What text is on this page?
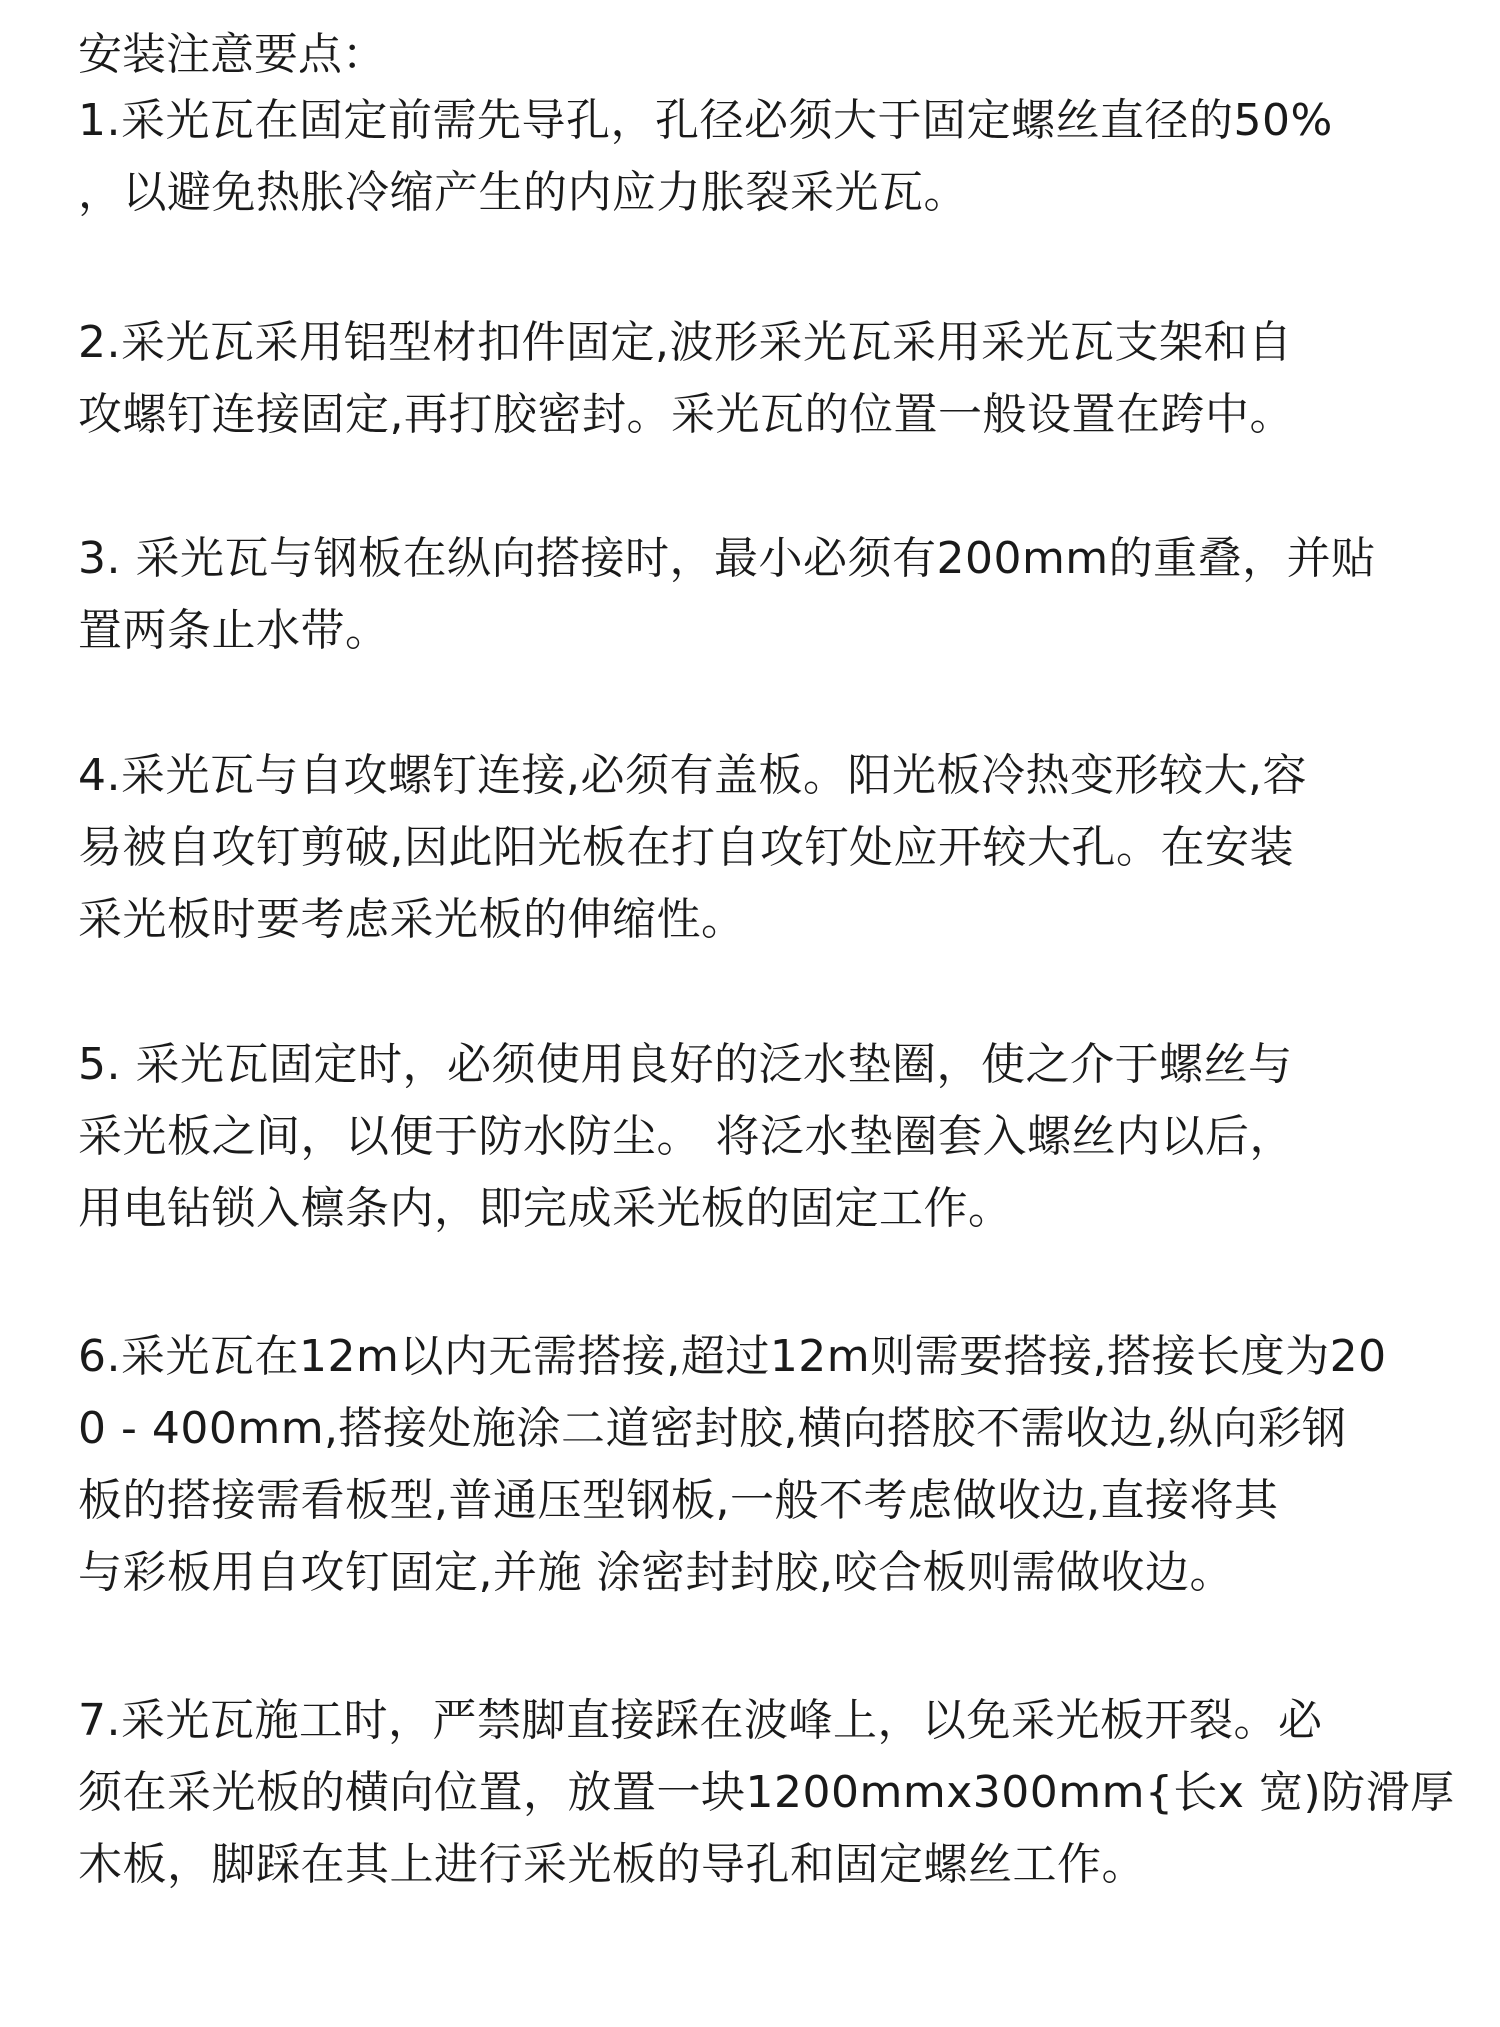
安装注意要点：
1.采光瓦在固定前需先导孔，孔径必须大于固定螺丝直径的50%
，以避免热胀冷缩产生的内应力胀裂采光瓦。
2.采光瓦采用铝型材扣件固定,波形采光瓦采用采光瓦支架和自
攻螺钉连接固定,再打胶密封。采光瓦的位置一般设置在跨中。
3. 采光瓦与钢板在纵向搭接时，最小必须有200mm的重叠，并贴
置两条止水带。
4.采光瓦与自攻螺钉连接,必须有盖板。阳光板冷热变形较大,容
易被自攻钉剪破,因此阳光板在打自攻钉处应开较大孔。在安装
采光板时要考虑采光板的伸缩性。
5. 采光瓦固定时，必须使用良好的泛水垫圈，使之介于螺丝与
采光板之间，以便于防水防尘。 将泛水垫圈套入螺丝内以后，
用电钻锁入檩条内，即完成采光板的固定工作。
6.采光瓦在12m以内无需搭接,超过12m则需要搭接,搭接长度为20
0 - 400mm,搭接处施涂二道密封胶,横向搭胶不需收边,纵向彩钢
板的搭接需看板型,普通压型钢板,一般不考虑做收边,直接将其
与彩板用自攻钉固定,并施 涂密封封胶,咬合板则需做收边。
7.采光瓦施工时，严禁脚直接踩在波峰上，以免采光板开裂。必
须在采光板的横向位置，放置一块1200mmx300mm{长x 宽)防滑厚
木板，脚踩在其上进行采光板的导孔和固定螺丝工作。
